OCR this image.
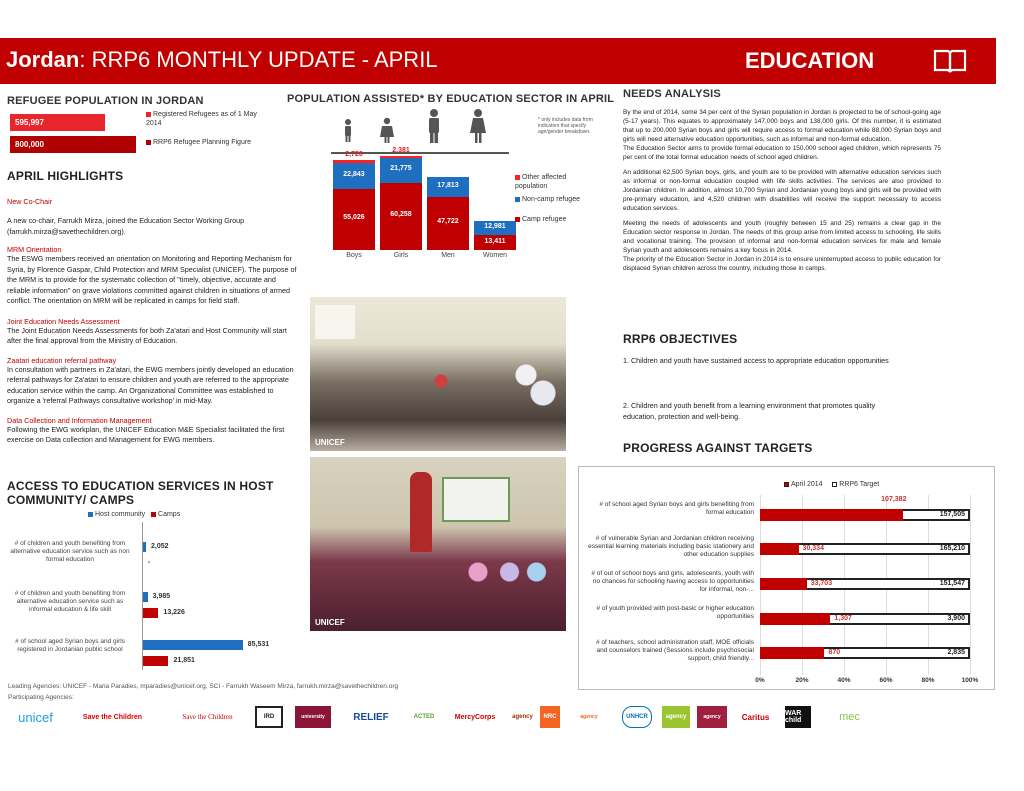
Jordan: RRP6 MONTHLY UPDATE - APRIL	EDUCATION
REFUGEE POPULATION IN JORDAN
595,997
800,000
Registered Refugees as of 1 May 2014
RRP6 Refugee Planning Figure
APRIL HIGHLIGHTS
New Co-Chair
A new co-chair, Farrukh Mirza, joined the Education Sector Working Group (farrukh.mirza@savethechildren.org).
MRM Orientation
The ESWG members received an orientation on Monitoring and Reporting Mechanism for Syria, by Florence Gaspar, Child Protection and MRM Specialist (UNICEF). The purpose of the MRM is to provide for the systematic collection of "timely, objective, accurate and reliable information" on grave violations committed against children in situations of armed conflict. The orientation on MRM will be replicated in camps for field staff.
Joint Education Needs Assessment
The Joint Education Needs Assessments for both Za'atari and Host Community will start after the final approval from the Ministry of Education.
Zaatari education referral pathway
In consultation with partners in Za'atari, the EWG members jointly developed an education referral pathways for Za'atari to ensure children and youth are referred to the appropriate education service within the camp. An Organizational Committee was established to organize a 'referral Pathways consultative workshop' in mid-May.
Data Collection and Information Management
Following the EWG workplan, the UNICEF Education M&E Specialist facilitated the first exercise on Data collection and Management for EWG members.
POPULATION ASSISTED* BY EDUCATION SECTOR IN APRIL
* only includes data from indicators that specify age/gender breakdown.
55,026
22,843
2,720
60,258
21,775
2,381
47,722
17,813
13,411
12,981
Boys	Girls	Men	Women
Other affected population
Non-camp refugee
Camp refugee
UNICEF
UNICEF
ACCESS TO EDUCATION SERVICES IN HOST COMMUNITY/ CAMPS
Host community Camps
# of children and youth benefiting from alternative education service such as non formal education
2,052
-
# of children and youth benefiting from alternative education service such as informal education & life skill
3,985
13,226
# of school aged Syrian boys and girls registered in Jordanian public school
85,531
21,851
NEEDS ANALYSIS
By the end of 2014, some 34 per cent of the Syrian population in Jordan is projected to be of school-going age (5-17 years). This equates to approximately 147,000 boys and 138,000 girls. Of this number, it is estimated that up to 200,000 Syrian boys and girls will require access to formal education while 88,000 Syrian boys and girls will need alternative education opportunities, such as informal and non-formal education.
The Education Sector aims to provide formal education to 150,000 school aged children, which represents 75 per cent of the total formal education needs of school aged children.
An additional 62,500 Syrian boys, girls, and youth are to be provided with alternative education services such as informal or non-formal education coupled with life skills activities. The services are also provided to Jordanian children. In addition, almost 10,700 Syrian and Jordanian young boys and girls will be provided with pre-primary education, and 4,520 children with disabilities will receive the support necessary to access education services.
Meeting the needs of adolescents and youth (roughly between 15 and 25) remains a clear gap in the Education sector response in Jordan. The needs of this group arise from limited access to schooling, life skills and vocational training. The provision of informal and non-formal education services for male and female Syrian youth and adolescents remains a key focus in 2014.
The priority of the Education Sector in Jordan in 2014 is to ensure uninterrupted access to public education for displaced Syrian children across the country, including those in camps.
RRP6 OBJECTIVES
1. Children and youth have sustained access to appropriate education opportunities
2. Children and youth benefit from a learning environment that promotes quality education, protection and well-being.
PROGRESS AGAINST TARGETS
April 2014 RRP6 Target
0%	20%	40%	60%	80%	100%
# of school aged Syrian boys and girls benefiting from formal education
107,382
157,505
# of vulnerable Syrian and Jordanian children receiving essential learning materials including basic stationery and other education supplies
30,334	165,210
# of out of school boys and girls, adolescents, youth with no chances for schooling having access to opportunities for informal, non-...
33,703	151,547
# of youth provided with post-basic or higher education opportunities	1,307	3,900
# of teachers, school administration staff, MOE officials and counselors trained (Sessions include psychosocial support, child friendly...
870	2,835
Leading Agencies: UNICEF - Maria Paradies, mparadies@unicef.org, SCI - Farrukh Waseem Mirza, farrukh.mirza@savethechildren.org
Participating Agencies:
unicef	Save the Children	Save the Children	IRD	university	RELIEF	ACTED	MercyCorps	agency	NRC	agency	UNHCR	agency	agency	Caritus	WAR child	mec
